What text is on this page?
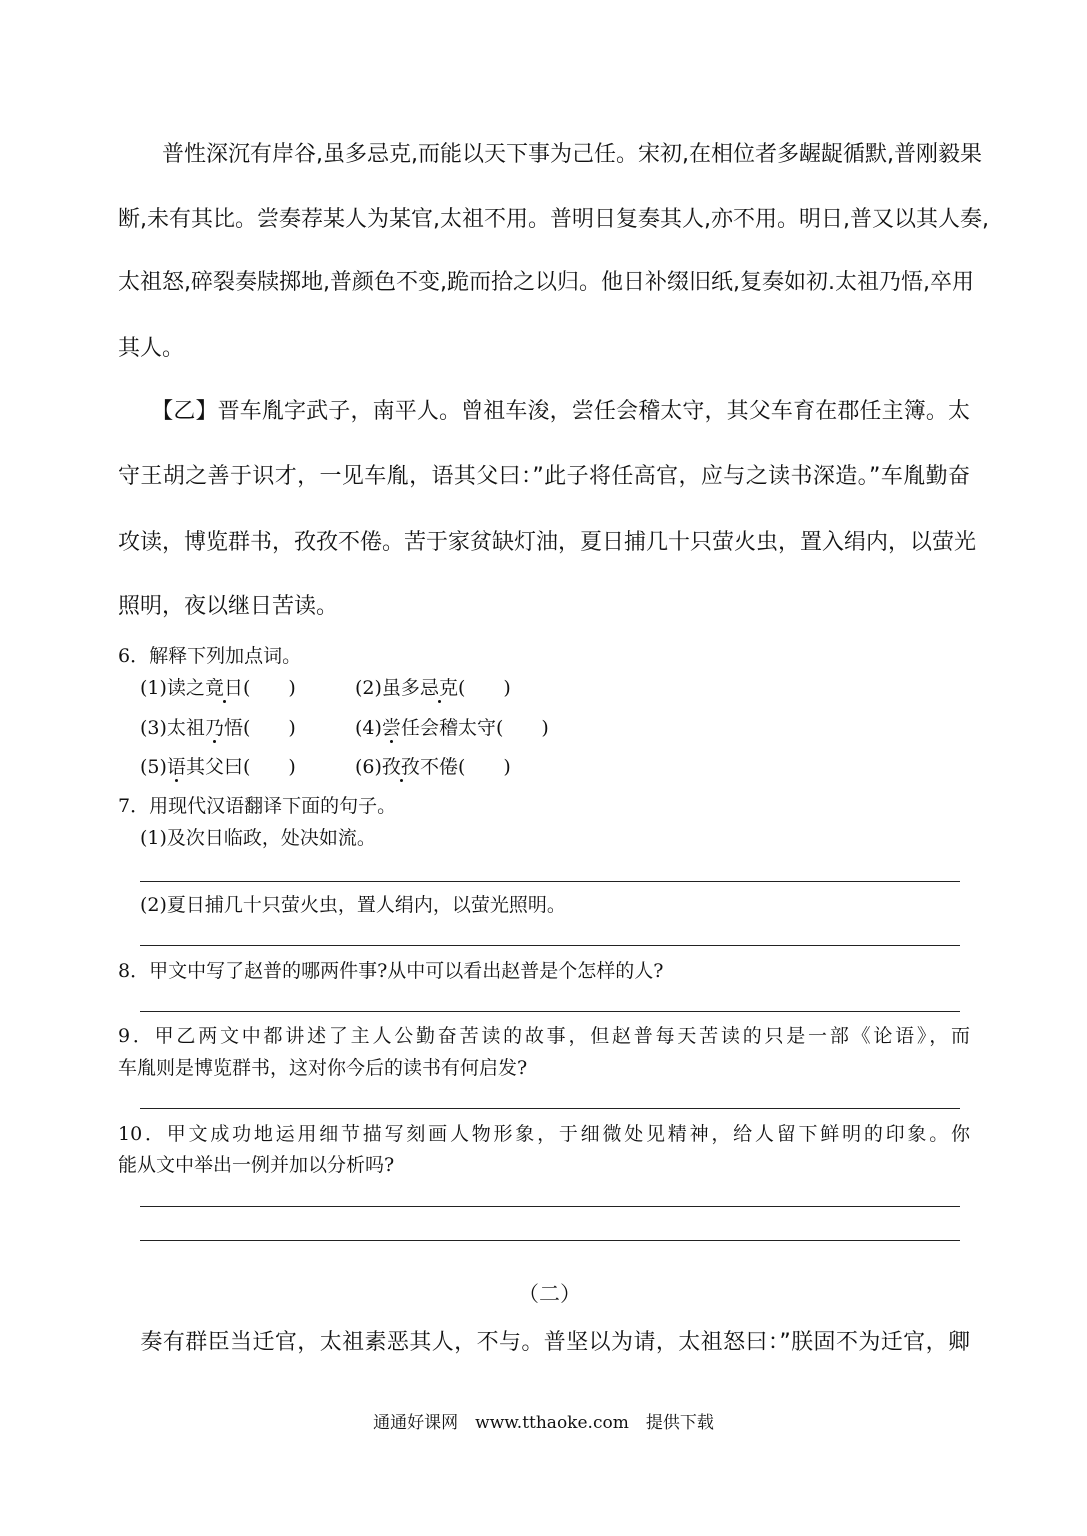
　　普性深沉有岸谷,虽多忌克,而能以天下事为己任。宋初,在相位者多龌龊循默,普刚毅果
断,未有其比。尝奏荐某人为某官,太祖不用。普明日复奏其人,亦不用。明日,普又以其人奏,
太祖怒,碎裂奏牍掷地,普颜色不变,跪而拾之以归。他日补缀旧纸,复奏如初.太祖乃悟,卒用
其人。
　　【乙】晋车胤字武子，南平人。曾祖车浚，尝任会稽太守，其父车育在郡任主簿。太
守王胡之善于识才，一见车胤，语其父曰：”此子将任高官，应与之读书深造。”车胤勤奋
攻读，博览群书，孜孜不倦。苦于家贫缺灯油，夏日捕几十只萤火虫，置入绢内，以萤光
照明，夜以继日苦读。
6．解释下列加点词。
(1)读之竟日(　　)	(2)虽多忌克(　　)
(3)太祖乃悟(　　)	(4)尝任会稽太守(　　)
(5)语其父曰(　　)	(6)孜孜不倦(　　)
7．用现代汉语翻译下面的句子。
(1)及次日临政，处决如流。
(2)夏日捕几十只萤火虫，置人绢内，以萤光照明。
8．甲文中写了赵普的哪两件事?从中可以看出赵普是个怎样的人?
9．甲乙两文中都讲述了主人公勤奋苦读的故事，但赵普每天苦读的只是一部《论语》，而
车胤则是博览群书，这对你今后的读书有何启发?
10．甲文成功地运用细节描写刻画人物形象，于细微处见精神，给人留下鲜明的印象。你
能从文中举出一例并加以分析吗?
（二）
　奏有群臣当迁官，太祖素恶其人，不与。普坚以为请，太祖怒曰：”朕固不为迁官，卿
通通好课网　www.tthaoke.com　提供下载
